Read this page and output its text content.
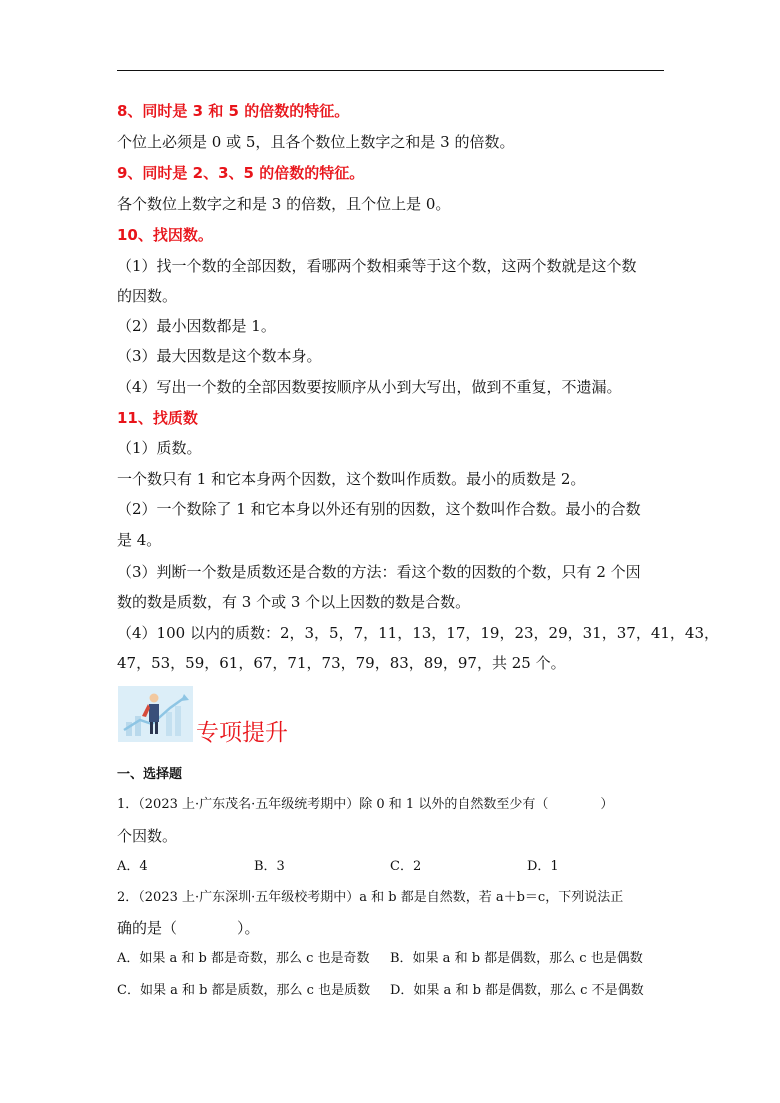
8、同时是 3 和 5 的倍数的特征。
个位上必须是 0 或 5，且各个数位上数字之和是 3 的倍数。
9、同时是 2、3、5 的倍数的特征。
各个数位上数字之和是 3 的倍数，且个位上是 0。
10、找因数。
（1）找一个数的全部因数，看哪两个数相乘等于这个数，这两个数就是这个数
的因数。
（2）最小因数都是 1。
（3）最大因数是这个数本身。
（4）写出一个数的全部因数要按顺序从小到大写出，做到不重复，不遗漏。
11、找质数
（1）质数。
一个数只有 1 和它本身两个因数，这个数叫作质数。最小的质数是 2。
（2）一个数除了 1 和它本身以外还有别的因数，这个数叫作合数。最小的合数
是 4。
（3）判断一个数是质数还是合数的方法：看这个数的因数的个数，只有 2 个因
数的数是质数，有 3 个或 3 个以上因数的数是合数。
（4）100 以内的质数：2，3，5，7，11，13，17，19，23，29，31，37，41，43，
47，53，59，61，67，71，73，79，83，89，97，共 25 个。
专项提升
一、选择题
1．（2023 上·广东茂名·五年级统考期中）除 0 和 1 以外的自然数至少有（　　　　）
个因数。
A．4	B．3	C．2	D．1
2．（2023 上·广东深圳·五年级校考期中）a 和 b 都是自然数，若 a＋b＝c，下列说法正
确的是（　　　　）。
A．如果 a 和 b 都是奇数，那么 c 也是奇数 B．如果 a 和 b 都是偶数，那么 c 也是偶数
C．如果 a 和 b 都是质数，那么 c 也是质数 D．如果 a 和 b 都是偶数，那么 c 不是偶数
